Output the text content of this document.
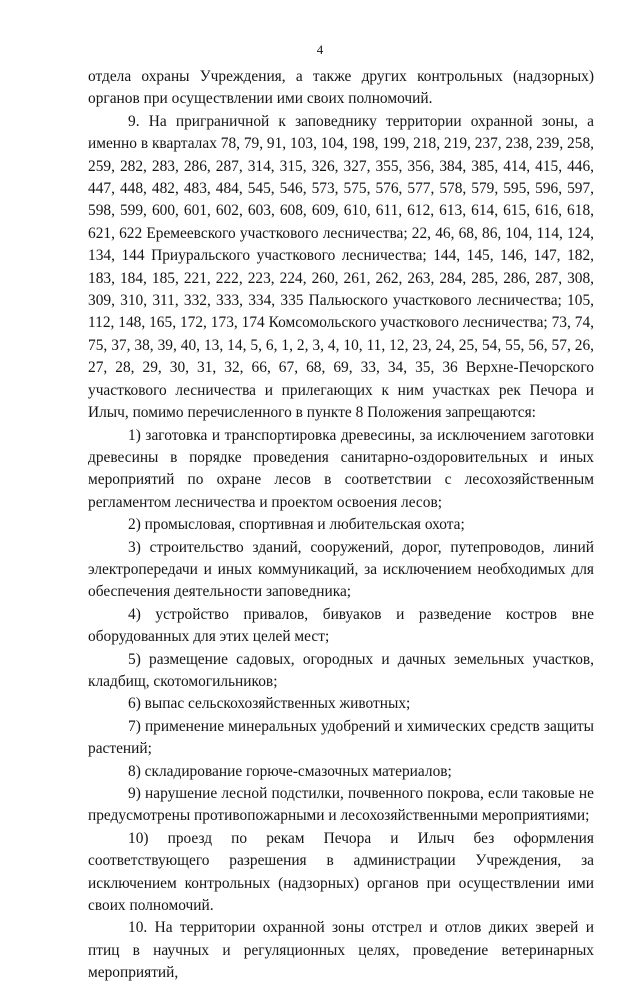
4

отдела охраны Учреждения, а также других контрольных (надзорных) органов при осуществлении ими своих полномочий.

9. На приграничной к заповеднику территории охранной зоны, а именно в кварталах 78, 79, 91, 103, 104, 198, 199, 218, 219, 237, 238, 239, 258, 259, 282, 283, 286, 287, 314, 315, 326, 327, 355, 356, 384, 385, 414, 415, 446, 447, 448, 482, 483, 484, 545, 546, 573, 575, 576, 577, 578, 579, 595, 596, 597, 598, 599, 600, 601, 602, 603, 608, 609, 610, 611, 612, 613, 614, 615, 616, 618, 621, 622 Еремеевского участкового лесничества; 22, 46, 68, 86, 104, 114, 124, 134, 144 Приуральского участкового лесничества; 144, 145, 146, 147, 182, 183, 184, 185, 221, 222, 223, 224, 260, 261, 262, 263, 284, 285, 286, 287, 308, 309, 310, 311, 332, 333, 334, 335 Пальюского участкового лесничества; 105, 112, 148, 165, 172, 173, 174 Комсомольского участкового лесничества; 73, 74, 75, 37, 38, 39, 40, 13, 14, 5, 6, 1, 2, 3, 4, 10, 11, 12, 23, 24, 25, 54, 55, 56, 57, 26, 27, 28, 29, 30, 31, 32, 66, 67, 68, 69, 33, 34, 35, 36 Верхне-Печорского участкового лесничества и прилегающих к ним участках рек Печора и Илыч, помимо перечисленного в пункте 8 Положения запрещаются:

1) заготовка и транспортировка древесины, за исключением заготовки древесины в порядке проведения санитарно-оздоровительных и иных мероприятий по охране лесов в соответствии с лесохозяйственным регламентом лесничества и проектом освоения лесов;

2) промысловая, спортивная и любительская охота;

3) строительство зданий, сооружений, дорог, путепроводов, линий электропередачи и иных коммуникаций, за исключением необходимых для обеспечения деятельности заповедника;

4) устройство привалов, бивуаков и разведение костров вне оборудованных для этих целей мест;

5) размещение садовых, огородных и дачных земельных участков, кладбищ, скотомогильников;

6) выпас сельскохозяйственных животных;

7) применение минеральных удобрений и химических средств защиты растений;

8) складирование горюче-смазочных материалов;

9) нарушение лесной подстилки, почвенного покрова, если таковые не предусмотрены противопожарными и лесохозяйственными мероприятиями;

10) проезд по рекам Печора и Илыч без оформления соответствующего разрешения в администрации Учреждения, за исключением контрольных (надзорных) органов при осуществлении ими своих полномочий.

10. На территории охранной зоны отстрел и отлов диких зверей и птиц в научных и регуляционных целях, проведение ветеринарных мероприятий,
